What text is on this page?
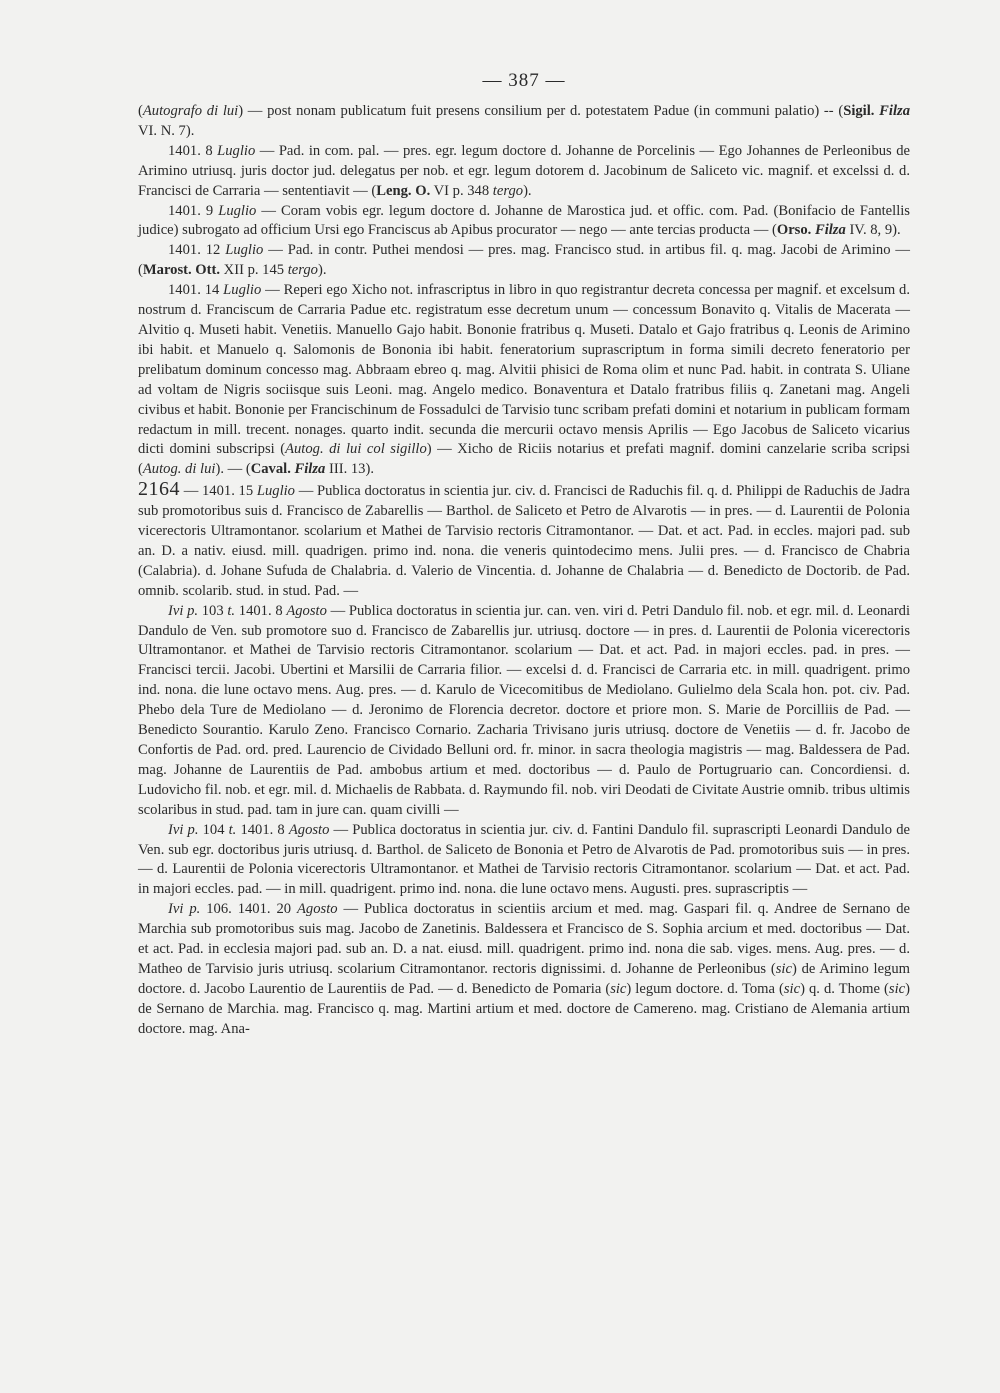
— 387 —

(Autografo di lui) — post nonam publicatum fuit presens consilium per d. potestatem Padue (in communi palatio) -- (Sigil. Filza VI. N. 7).

1401. 8 Luglio — Pad. in com. pal. — pres. egr. legum doctore d. Johanne de Porcelinis — Ego Johannes de Perleonibus de Arimino utriusq. juris doctor jud. delegatus per nob. et egr. legum dotorem d. Jacobinum de Saliceto vic. magnif. et excelssi d. d. Francisci de Carraria — sententiavit — (Leng. O. VI p. 348 tergo).

1401. 9 Luglio — Coram vobis egr. legum doctore d. Johanne de Marostica jud. et offic. com. Pad. (Bonifacio de Fantellis judice) subrogato ad officium Ursi ego Franciscus ab Apibus procurator — nego — ante tercias producta — (Orso. Filza IV. 8, 9).

1401. 12 Luglio — Pad. in contr. Puthei mendosi — pres. mag. Francisco stud. in artibus fil. q. mag. Jacobi de Arimino — (Marost. Ott. XII p. 145 tergo).

1401. 14 Luglio — Reperi ego Xicho not. infrascriptus in libro in quo registrantur decreta concessa per magnif. et excelsum d. nostrum d. Franciscum de Carraria Padue etc. registratum esse decretum unum — concessum Bonavito q. Vitalis de Macerata — Alvitio q. Museti habit. Venetiis. Manuello Gajo habit. Bononie fratribus q. Museti. Datalo et Gajo fratribus q. Leonis de Arimino ibi habit. et Manuelo q. Salomonis de Bononia ibi habit. feneratorium suprascriptum in forma simili decreto feneratorio per prelibatum dominum concesso mag. Abbraam ebreo q. mag. Alvitii phisici de Roma olim et nunc Pad. habit. in contrata S. Uliane ad voltam de Nigris sociisque suis Leoni. mag. Angelo medico. Bonaventura et Datalo fratribus filiis q. Zanetani mag. Angeli civibus et habit. Bononie per Francischinum de Fossadulci de Tarvisio tunc scribam prefati domini et notarium in publicam formam redactum in mill. trecent. nonages. quarto indit. secunda die mercurii octavo mensis Aprilis — Ego Jacobus de Saliceto vicarius dicti domini subscripsi (Autog. di lui col sigillo) — Xicho de Riciis notarius et prefati magnif. domini canzelarie scriba scripsi (Autog. di lui). — (Caval. Filza III. 13).

2164 — 1401. 15 Luglio — Publica doctoratus in scientia jur. civ. d. Francisci de Raduchis fil. q. d. Philippi de Raduchis de Jadra sub promotoribus suis d. Francisco de Zabarellis — Barthol. de Saliceto et Petro de Alvarotis — in pres. — d. Laurentii de Polonia vicerectoris Ultramontanor. scolarium et Mathei de Tarvisio rectoris Citramontanor. — Dat. et act. Pad. in eccles. majori pad. sub an. D. a nativ. eiusd. mill. quadrigen. primo ind. nona. die veneris quintodecimo mens. Julii pres. — d. Francisco de Chabria (Calabria). d. Johane Sufuda de Chalabria. d. Valerio de Vincentia. d. Johanne de Chalabria — d. Benedicto de Doctorib. de Pad. omnib. scolarib. stud. in stud. Pad. —

Ivi p. 103 t. 1401. 8 Agosto — Publica doctoratus in scientia jur. can. ven. viri d. Petri Dandulo fil. nob. et egr. mil. d. Leonardi Dandulo de Ven. sub promotore suo d. Francisco de Zabarellis jur. utriusq. doctore — in pres. d. Laurentii de Polonia vicerectoris Ultramontanor. et Mathei de Tarvisio rectoris Citramontanor. scolarium — Dat. et act. Pad. in majori eccles. pad. in pres. — Francisci tercii. Jacobi. Ubertini et Marsilii de Carraria filior. — excelsi d. d. Francisci de Carraria etc. in mill. quadrigent. primo ind. nona. die lune octavo mens. Aug. pres. — d. Karulo de Vicecomitibus de Mediolano. Gulielmo dela Scala hon. pot. civ. Pad. Phebo dela Ture de Mediolano — d. Jeronimo de Florencia decretor. doctore et priore mon. S. Marie de Porcilliis de Pad. — Benedicto Sourantio. Karulo Zeno. Francisco Cornario. Zacharia Trivisano juris utriusq. doctore de Venetiis — d. fr. Jacobo de Confortis de Pad. ord. pred. Laurencio de Cividado Belluni ord. fr. minor. in sacra theologia magistris — mag. Baldessera de Pad. mag. Johanne de Laurentiis de Pad. ambobus artium et med. doctoribus — d. Paulo de Portugruario can. Concordiensi. d. Ludovicho fil. nob. et egr. mil. d. Michaelis de Rabbata. d. Raymundo fil. nob. viri Deodati de Civitate Austrie omnib. tribus ultimis scolaribus in stud. pad. tam in jure can. quam civilli —

Ivi p. 104 t. 1401. 8 Agosto — Publica doctoratus in scientia jur. civ. d. Fantini Dandulo fil. suprascripti Leonardi Dandulo de Ven. sub egr. doctoribus juris utriusq. d. Barthol. de Saliceto de Bononia et Petro de Alvarotis de Pad. promotoribus suis — in pres. — d. Laurentii de Polonia vicerectoris Ultramontanor. et Mathei de Tarvisio rectoris Citramontanor. scolarium — Dat. et act. Pad. in majori eccles. pad. — in mill. quadrigent. primo ind. nona. die lune octavo mens. Augusti. pres. suprascriptis —

Ivi p. 106. 1401. 20 Agosto — Publica doctoratus in scientiis arcium et med. mag. Gaspari fil. q. Andree de Sernano de Marchia sub promotoribus suis mag. Jacobo de Zanetinis. Baldessera et Francisco de S. Sophia arcium et med. doctoribus — Dat. et act. Pad. in ecclesia majori pad. sub an. D. a nat. eiusd. mill. quadrigent. primo ind. nona die sab. viges. mens. Aug. pres. — d. Matheo de Tarvisio juris utriusq. scolarium Citramontanor. rectoris dignissimi. d. Johanne de Perleonibus (sic) de Arimino legum doctore. d. Jacobo Laurentio de Laurentiis de Pad. — d. Benedicto de Pomaria (sic) legum doctore. d. Toma (sic) q. d. Thome (sic) de Sernano de Marchia. mag. Francisco q. mag. Martini artium et med. doctore de Camereno. mag. Cristiano de Alemania artium doctore. mag. Ana-
